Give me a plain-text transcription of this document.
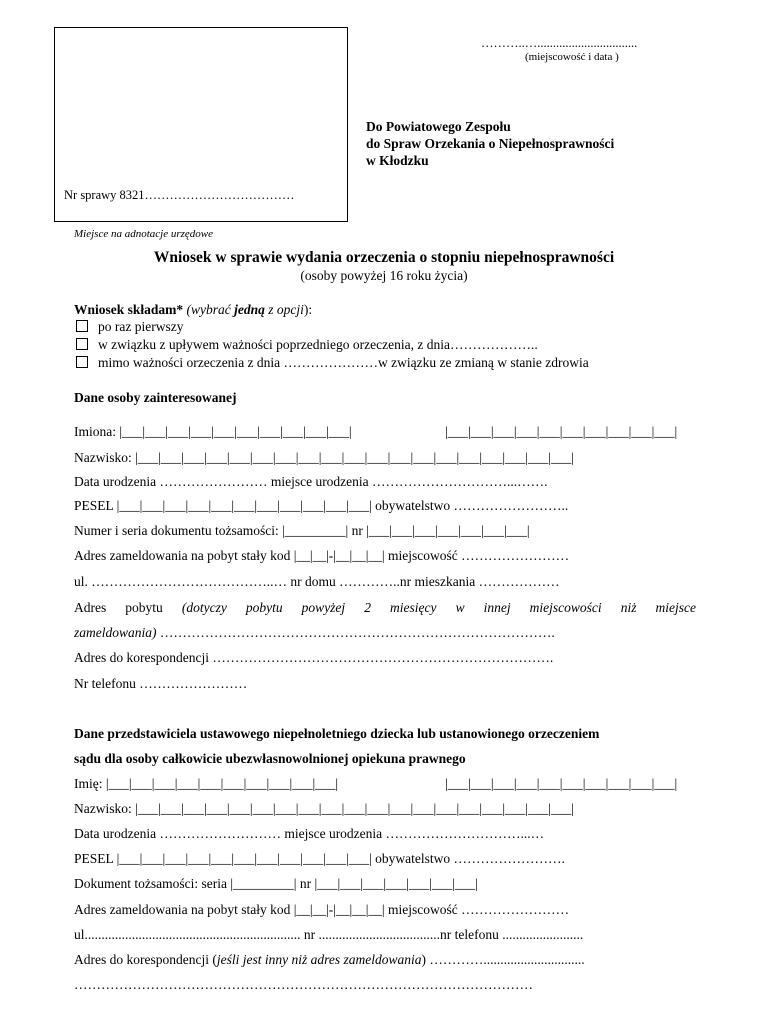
Nr sprawy 8321………………………………
Miejsce na adnotacje urzędowe
………..…................................
(miejscowość i data )
Do Powiatowego Zespołu
do Spraw Orzekania o Niepełnosprawności
w Kłodzku
Wniosek w sprawie wydania orzeczenia o stopniu niepełnosprawności
(osoby powyżej 16 roku życia)
Wniosek składam* (wybrać jedną z opcji):
po raz pierwszy
w związku z upływem ważności poprzedniego orzeczenia, z dnia………………..
mimo ważności orzeczenia z dnia …………………w związku ze zmianą w stanie zdrowia
Dane osoby zainteresowanej
Imiona: |___|___|___|___|___|___|___|___|___|___|	|___|___|___|___|___|___|___|___|___|___|
Nazwisko: |___|___|___|___|___|___|___|___|___|___|___|___|___|___|___|___|___|___|___|
Data urodzenia …………………… miejsce urodzenia …………………………...…….
PESEL |___|___|___|___|___|___|___|___|___|___|___| obywatelstwo ……………………..
Numer i seria dokumentu tożsamości: |_________| nr |___|___|___|___|___|___|___|
Adres zameldowania na pobyt stały kod |__|__|-|__|__|__| miejscowość ……………………
ul. …………………………………..… nr domu …………..nr mieszkania ………………
Adres pobytu (dotyczy pobytu powyżej 2 miesięcy w innej miejscowości niż miejsce
zameldowania) …………………………………………………………………………….
Adres do korespondencji ………………………………………………………………….
Nr telefonu ……………………
Dane przedstawiciela ustawowego niepełnoletniego dziecka lub ustanowionego orzeczeniem
sądu dla osoby całkowicie ubezwłasnowolnionej opiekuna prawnego
Imię: |___|___|___|___|___|___|___|___|___|___|	|___|___|___|___|___|___|___|___|___|___|
Nazwisko: |___|___|___|___|___|___|___|___|___|___|___|___|___|___|___|___|___|___|___|
Data urodzenia ……………………… miejsce urodzenia …………………………...…
PESEL |___|___|___|___|___|___|___|___|___|___|___| obywatelstwo …………………….
Dokument tożsamości: seria |_________| nr |___|___|___|___|___|___|___|
Adres zameldowania na pobyt stały kod |__|__|-|__|__|__| miejscowość ……………………
ul................................................................ nr ....................................nr telefonu ........................
Adres do korespondencji (jeśli jest inny niż adres zameldowania) …………..............................
…………………………………………………………………………………………
